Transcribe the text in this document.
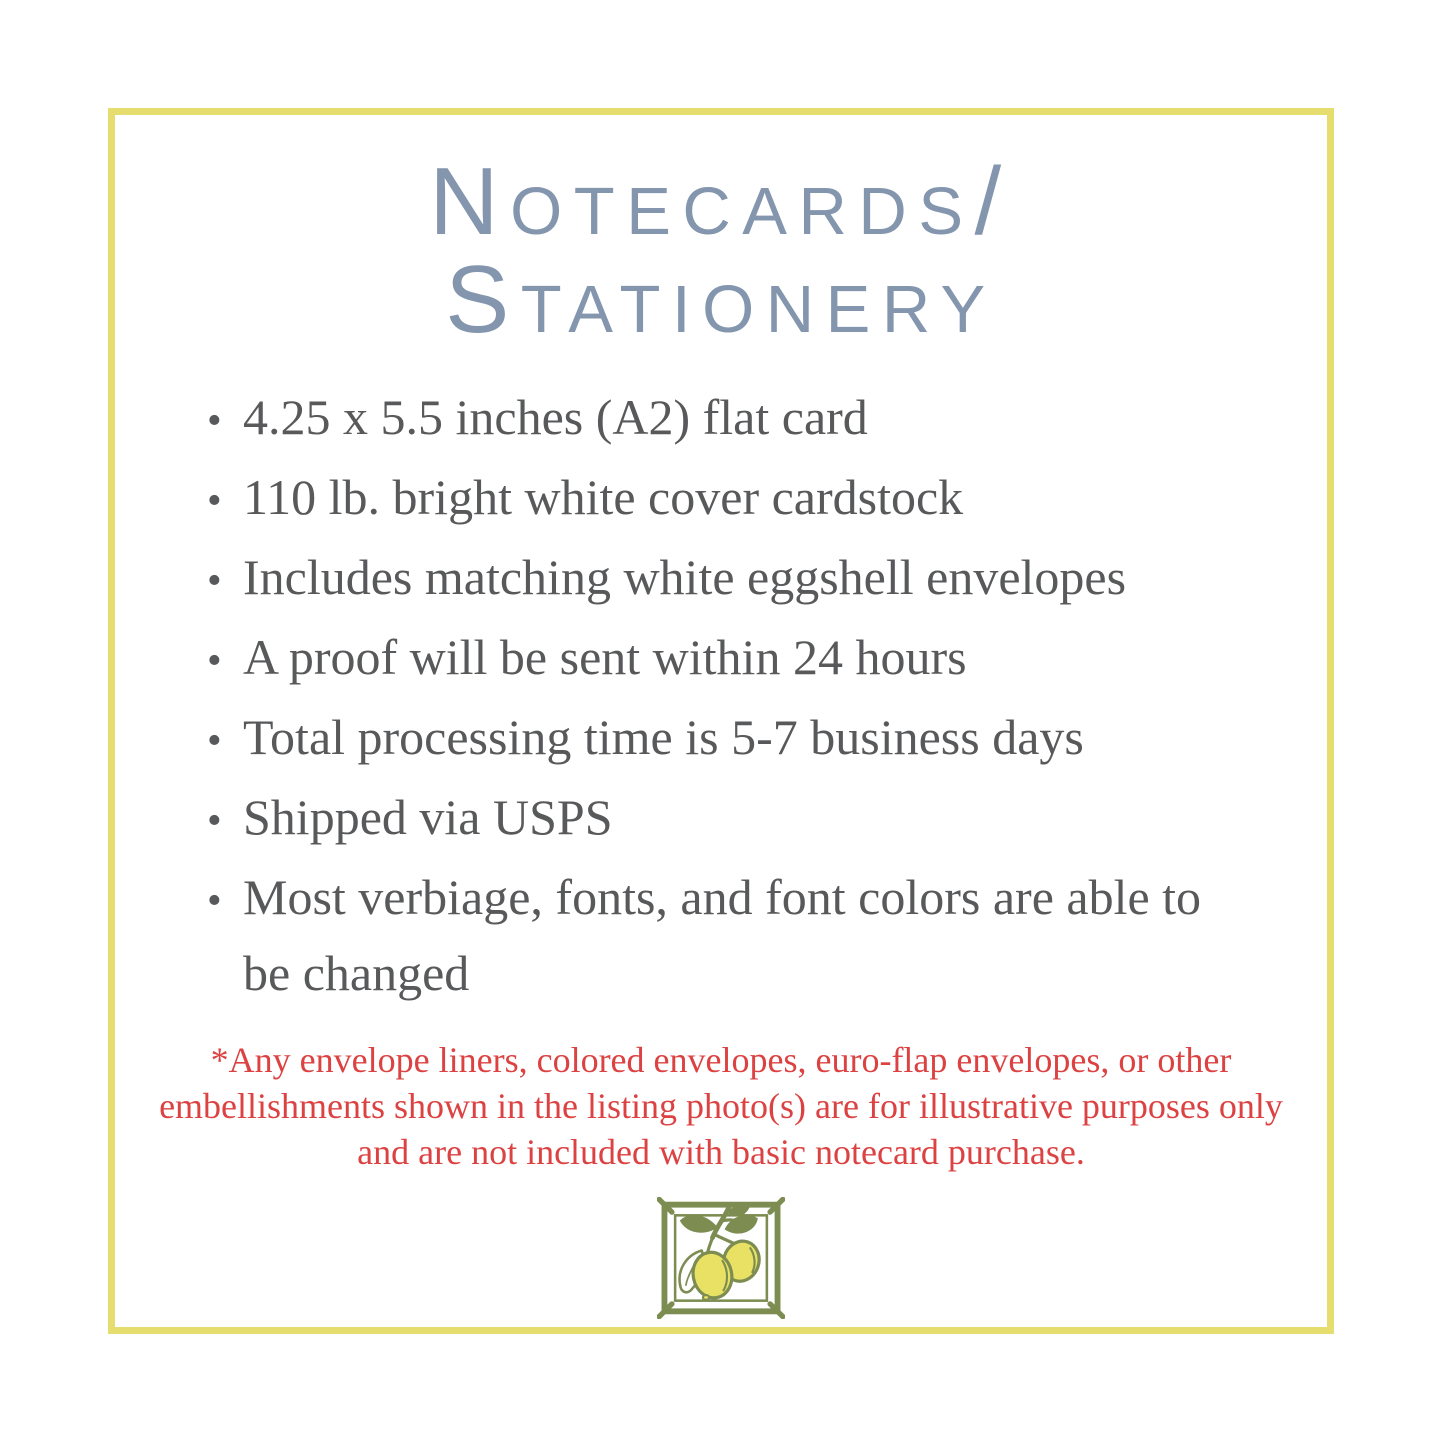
Notecards/
Stationery
• 4.25 x 5.5 inches (A2) flat card
• 110 lb. bright white cover cardstock
• Includes matching white eggshell envelopes
• A proof will be sent within 24 hours
• Total processing time is 5-7 business days
• Shipped via USPS
• Most verbiage, fonts, and font colors are able to be changed

*Any envelope liners, colored envelopes, euro-flap envelopes, or other embellishments shown in the listing photo(s) are for illustrative purposes only and are not included with basic notecard purchase.
